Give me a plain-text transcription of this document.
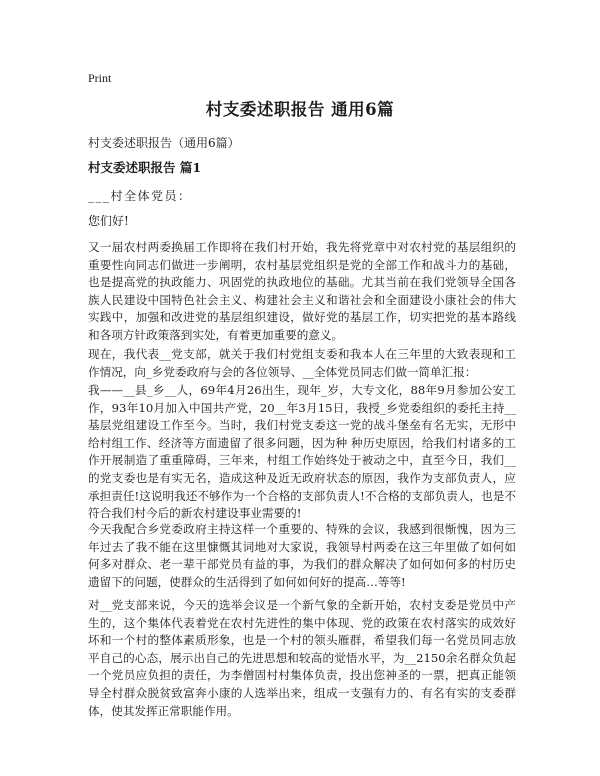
Print
村支委述职报告 通用6篇
村支委述职报告（通用6篇）
村支委述职报告 篇1
___村全体党员：
您们好!

又一届农村两委换届工作即将在我们村开始，我先将党章中对农村党的基层组织的重要性向同志们做进一步阐明，农村基层党组织是党的全部工作和战斗力的基础，也是提高党的执政能力、巩固党的执政地位的基础。尤其当前在我们党领导全国各族人民建设中国特色社会主义、构建社会主义和谐社会和全面建设小康社会的伟大实践中，加强和改进党的基层组织建设，做好党的基层工作，切实把党的基本路线和各项方针政策落到实处，有着更加重要的意义。

现在，我代表__党支部，就关于我们村党组支委和我本人在三年里的大致表现和工作情况，向_乡党委政府与会的各位领导、__全体党员同志们做一简单汇报：

我——__县_乡__人，69年4月26出生，现年_岁，大专文化，88年9月参加公安工作，93年10月加入中国共产党，20__年3月15日，我授_乡党委组织的委托主持__基层党组建设工作至今。当时，我们村党支委这一党的战斗堡垒有名无实，无形中给村组工作、经济等方面遗留了很多问题，因为种 种历史原因，给我们村诸多的工作开展制造了重重障碍，三年来，村组工作始终处于被动之中，直至今日，我们__的党支委也是有实无名，造成这种及近无政府状态的原因，我作为支部负责人，应承担责任!这说明我还不够作为一个合格的支部负责人!不合格的支部负责人，也是不符合我们村今后的新农村建设事业需要的!

今天我配合乡党委政府主持这样一个重要的、特殊的会议，我感到很惭愧，因为三年过去了我不能在这里慷慨其词地对大家说，我领导村两委在这三年里做了如何如何多对群众、老一辈干部党员有益的事，为我们的群众解决了如何如何多的村历史遗留下的问题，使群众的生活得到了如何如何好的提高…等等!

对__党支部来说，今天的选举会议是一个新气象的全新开始，农村支委是党员中产生的，这个集体代表着党在农村先进性的集中体现、党的政策在农村落实的成效好坏和一个村的整体素质形象，也是一个村的领头雁群，希望我们每一名党员同志放平自己的心态，展示出自己的先进思想和较高的觉悟水平，为__2150余名群众负起一个党员应负担的责任，为李僧固村村集体负责，投出您神圣的一票，把真正能领导全村群众脱贫致富奔小康的人选举出来，组成一支强有力的、有名有实的支委群体，使其发挥正常职能作用。
